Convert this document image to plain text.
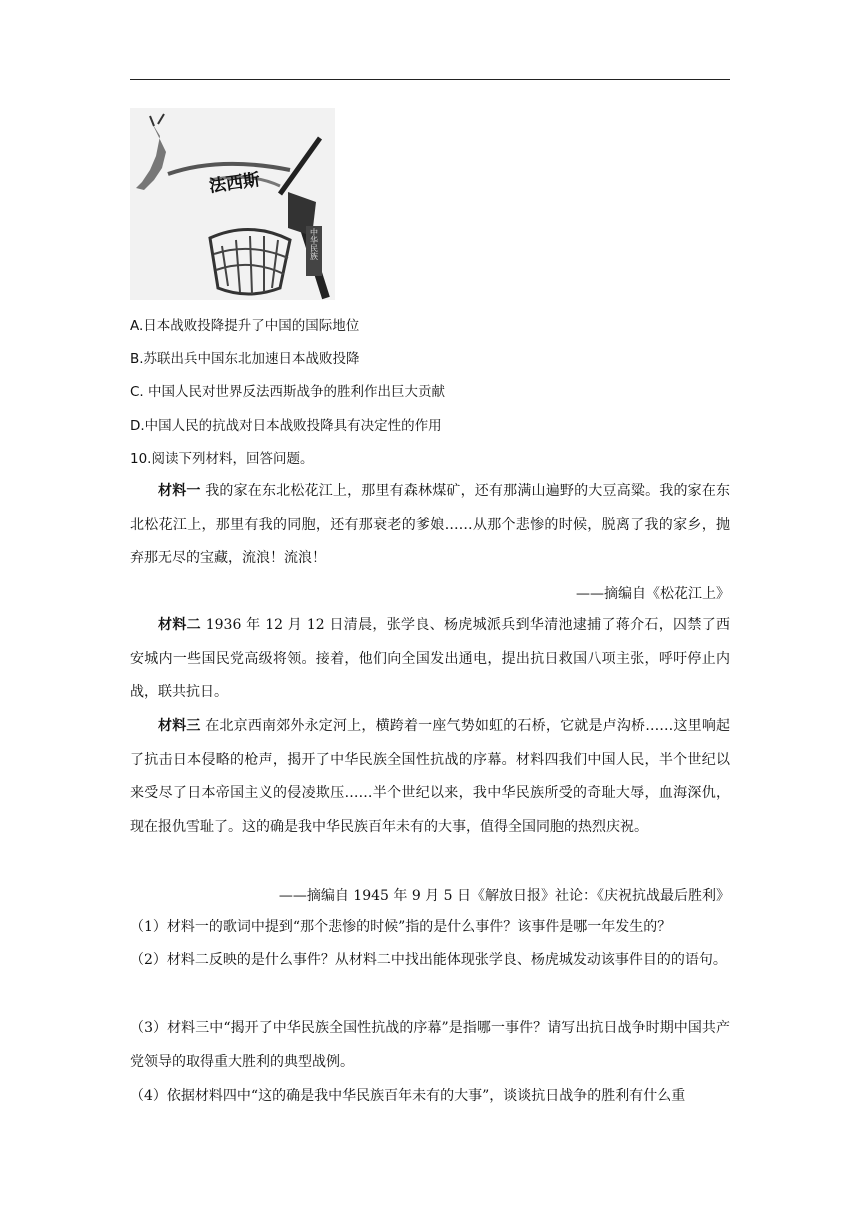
中华民族
法西斯
A.日本战败投降提升了中国的国际地位
B.苏联出兵中国东北加速日本战败投降
C. 中国人民对世界反法西斯战争的胜利作出巨大贡献
D.中国人民的抗战对日本战败投降具有决定性的作用
10.阅读下列材料，回答问题。
材料一 我的家在东北松花江上，那里有森林煤矿，还有那满山遍野的大豆高粱。我的家在东北松花江上，那里有我的同胞，还有那衰老的爹娘……从那个悲惨的时候，脱离了我的家乡，抛弃那无尽的宝藏，流浪！流浪！
——摘编自《松花江上》
材料二 1936 年 12 月 12 日清晨，张学良、杨虎城派兵到华清池逮捕了蒋介石，囚禁了西安城内一些国民党高级将领。接着，他们向全国发出通电，提出抗日救国八项主张，呼吁停止内战，联共抗日。
材料三 在北京西南郊外永定河上，横跨着一座气势如虹的石桥，它就是卢沟桥……这里响起了抗击日本侵略的枪声，揭开了中华民族全国性抗战的序幕。材料四我们中国人民，半个世纪以来受尽了日本帝国主义的侵凌欺压……半个世纪以来，我中华民族所受的奇耻大辱，血海深仇，现在报仇雪耻了。这的确是我中华民族百年未有的大事，值得全国同胞的热烈庆祝。
——摘编自 1945 年 9 月 5 日《解放日报》社论：《庆祝抗战最后胜利》
（1）材料一的歌词中提到“那个悲惨的时候”指的是什么事件？该事件是哪一年发生的？
（2）材料二反映的是什么事件？从材料二中找出能体现张学良、杨虎城发动该事件目的的语句。
（3）材料三中“揭开了中华民族全国性抗战的序幕”是指哪一事件？请写出抗日战争时期中国共产党领导的取得重大胜利的典型战例。
（4）依据材料四中“这的确是我中华民族百年未有的大事”，谈谈抗日战争的胜利有什么重
